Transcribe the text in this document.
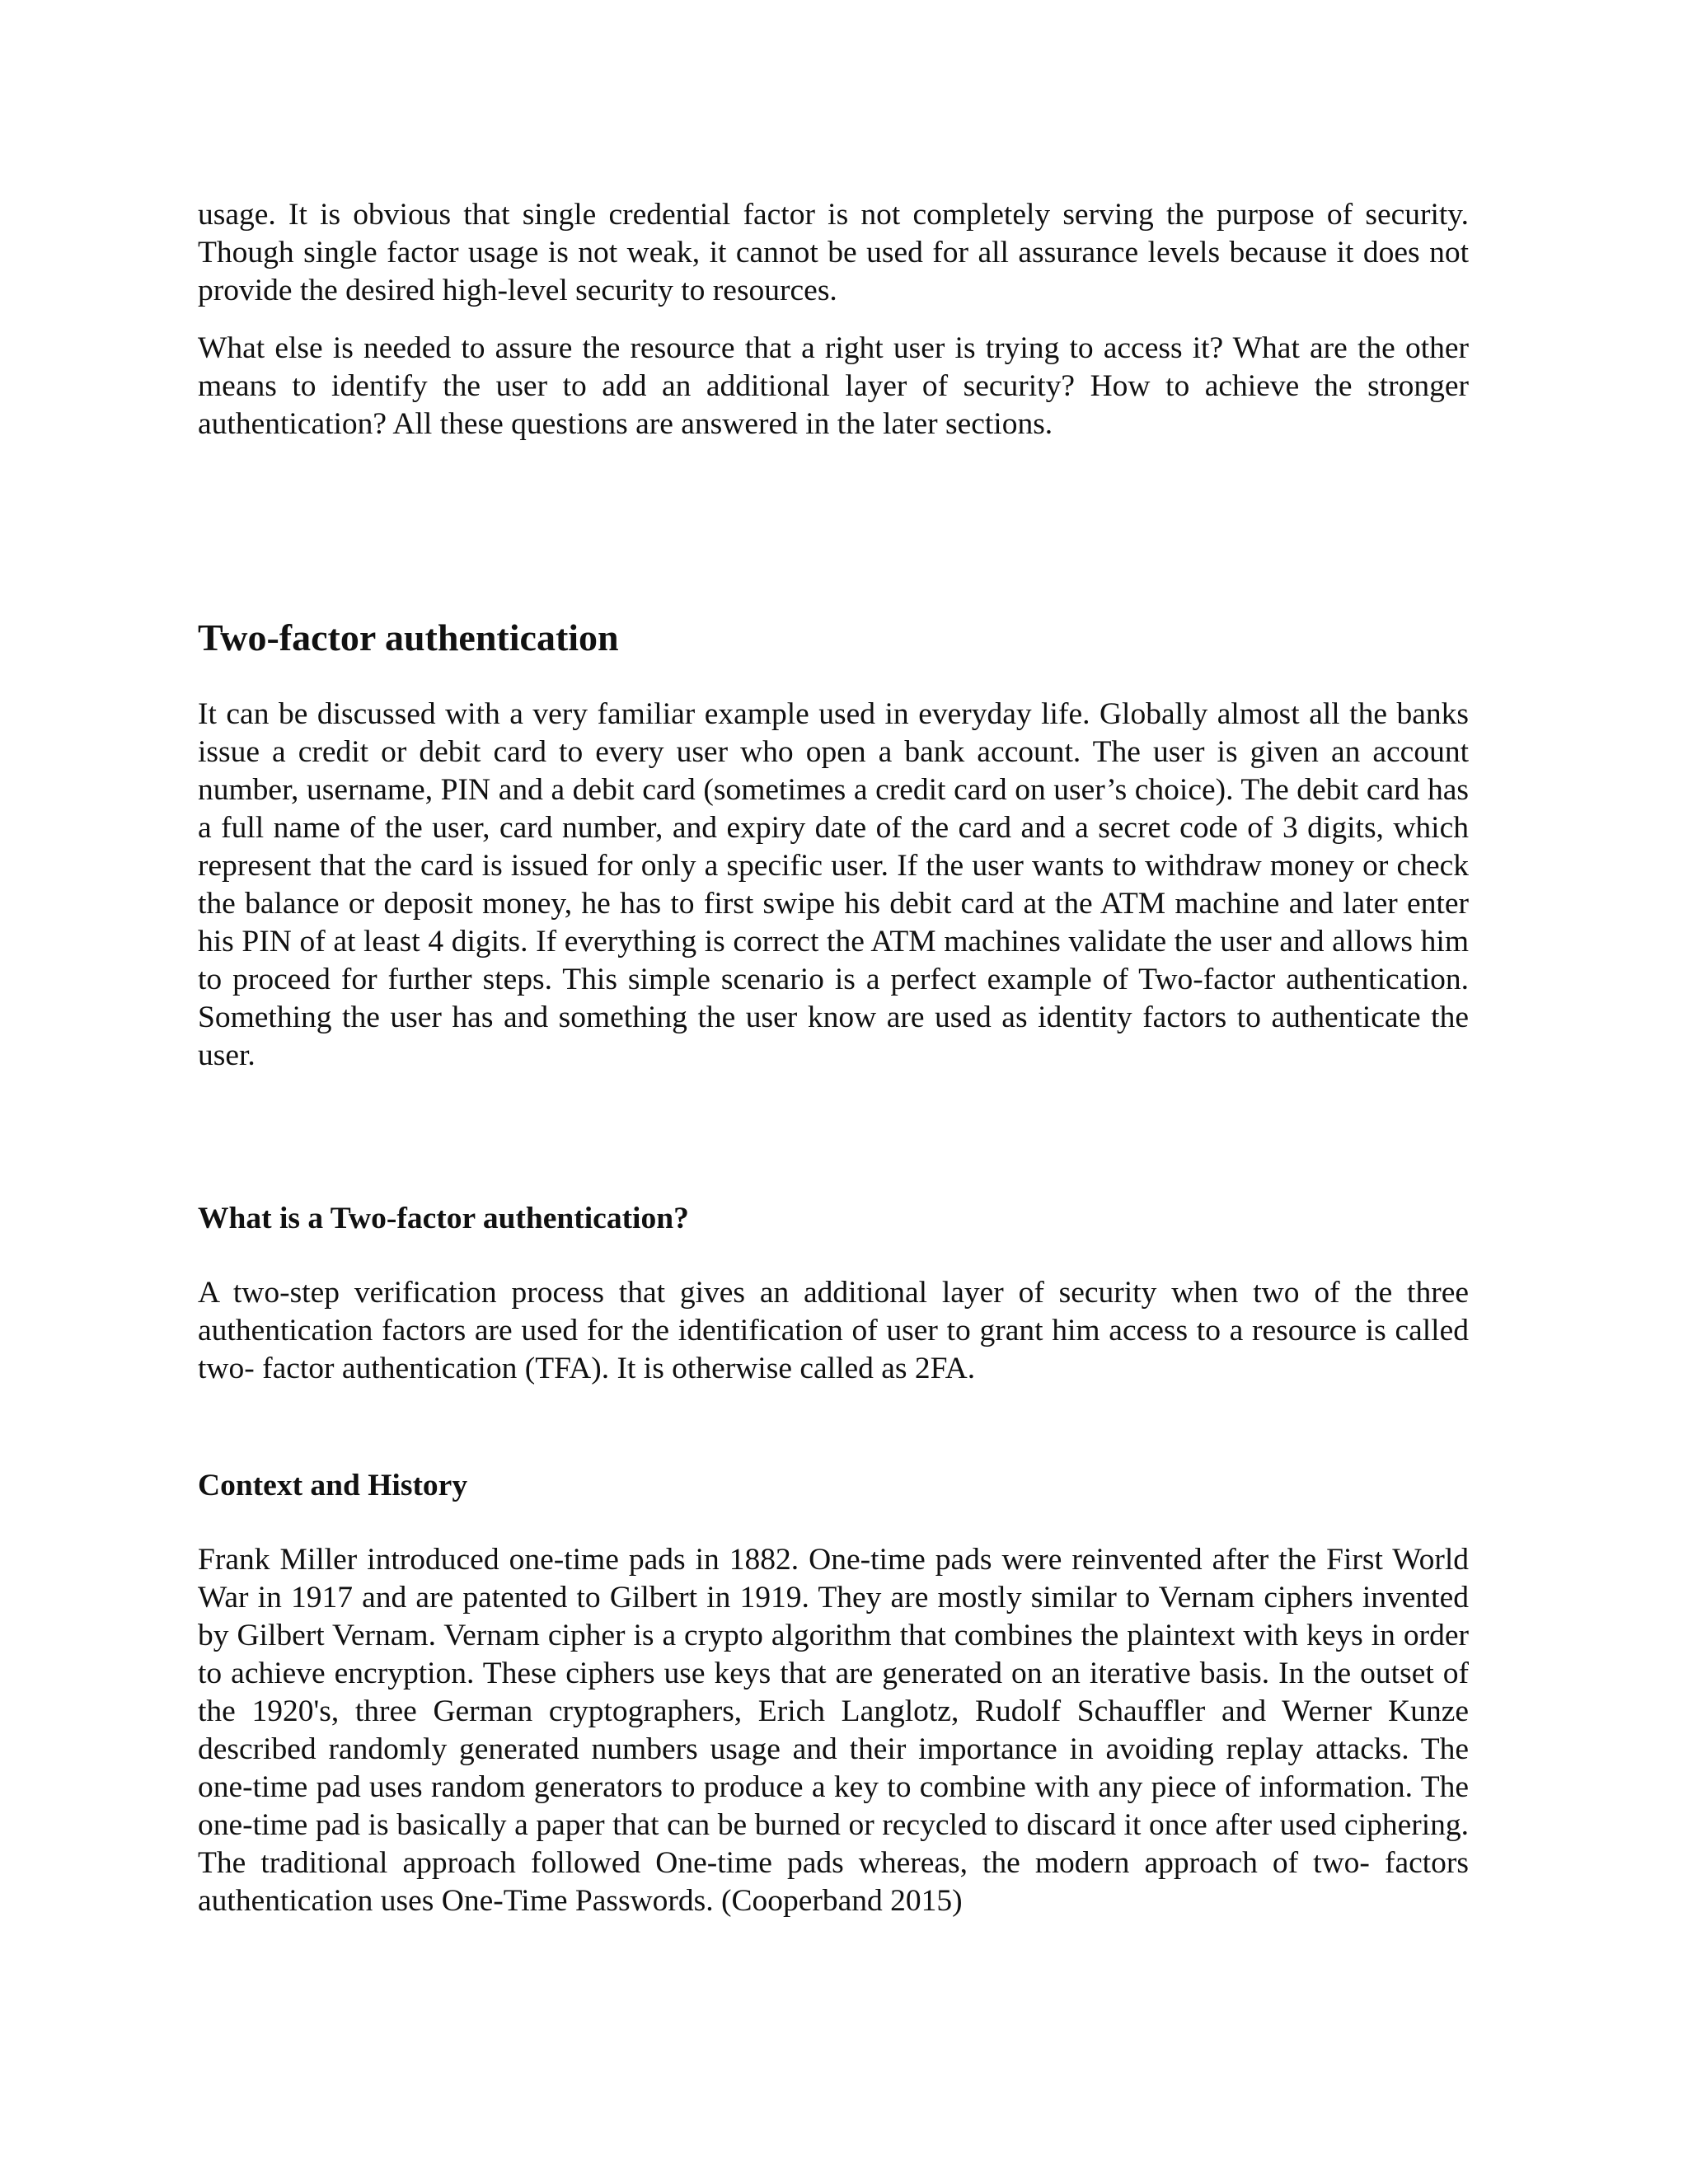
usage. It is obvious that single credential factor is not completely serving the purpose of security. Though single factor usage is not weak, it cannot be used for all assurance levels because it does not provide the desired high-level security to resources.

What else is needed to assure the resource that a right user is trying to access it? What are the other means to identify the user to add an additional layer of security? How to achieve the stronger authentication? All these questions are answered in the later sections.

Two-factor authentication

It can be discussed with a very familiar example used in everyday life. Globally almost all the banks issue a credit or debit card to every user who open a bank account. The user is given an account number, username, PIN and a debit card (sometimes a credit card on user’s choice). The debit card has a full name of the user, card number, and expiry date of the card and a secret code of 3 digits, which represent that the card is issued for only a specific user. If the user wants to withdraw money or check the balance or deposit money, he has to first swipe his debit card at the ATM machine and later enter his PIN of at least 4 digits. If everything is correct the ATM machines validate the user and allows him to proceed for further steps. This simple scenario is a perfect example of Two-factor authentication. Something the user has and something the user know are used as identity factors to authenticate the user.

What is a Two-factor authentication?

A two-step verification process that gives an additional layer of security when two of the three authentication factors are used for the identification of user to grant him access to a resource is called two- factor authentication (TFA). It is otherwise called as 2FA.

Context and History

Frank Miller introduced one-time pads in 1882. One-time pads were reinvented after the First World War in 1917 and are patented to Gilbert in 1919. They are mostly similar to Vernam ciphers invented by Gilbert Vernam. Vernam cipher is a crypto algorithm that combines the plaintext with keys in order to achieve encryption. These ciphers use keys that are generated on an iterative basis. In the outset of the 1920's, three German cryptographers, Erich Langlotz, Rudolf Schauffler and Werner Kunze described randomly generated numbers usage and their importance in avoiding replay attacks. The one-time pad uses random generators to produce a key to combine with any piece of information. The one-time pad is basically a paper that can be burned or recycled to discard it once after used ciphering. The traditional approach followed One-time pads whereas, the modern approach of two- factors authentication uses One-Time Passwords. (Cooperband 2015)
